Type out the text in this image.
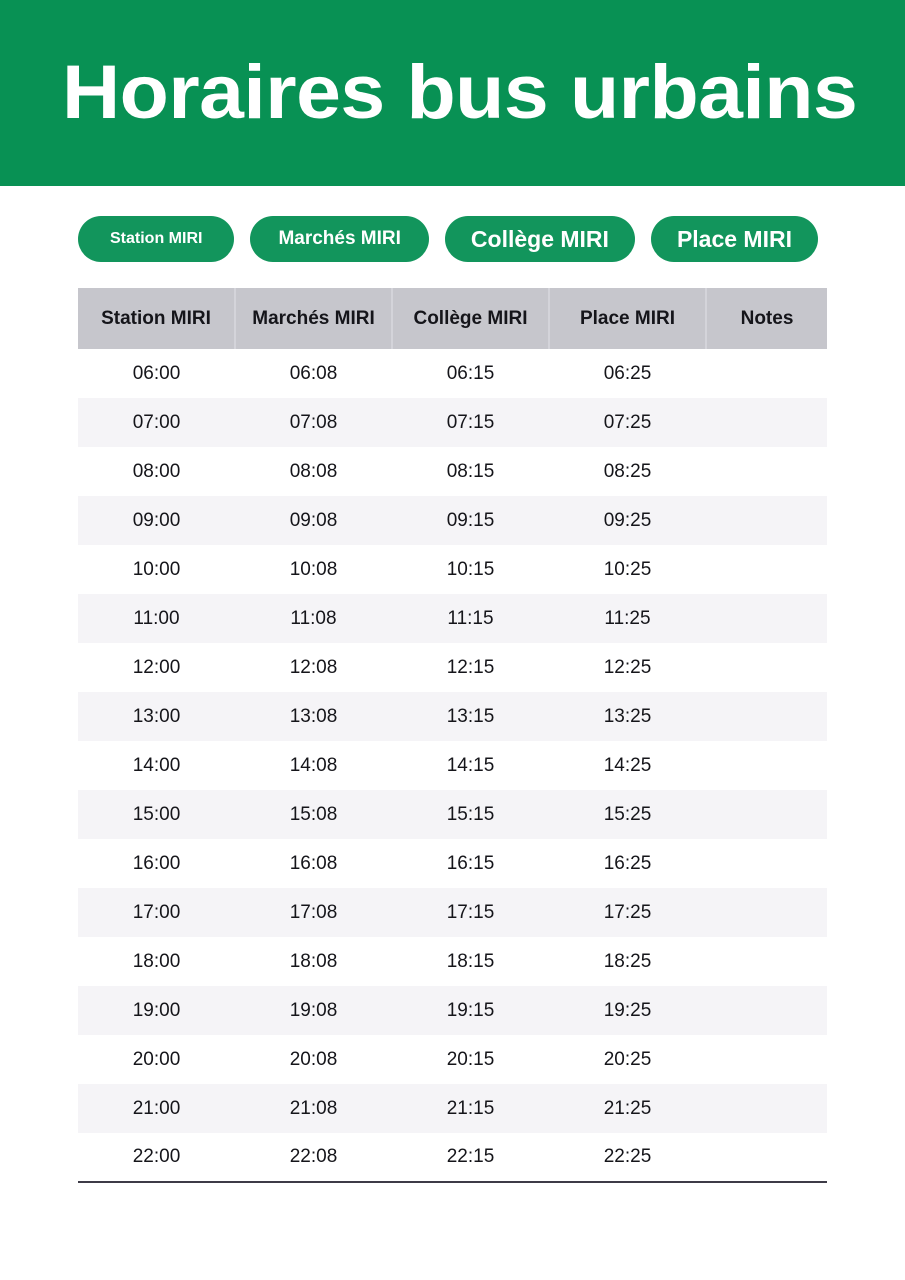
Horaires bus urbains
Station MIRI	Marchés MIRI	Collège MIRI	Place MIRI
Station MIRI	Marchés MIRI	Collège MIRI	Place MIRI	Notes
06:00	06:08	06:15	06:25	
07:00	07:08	07:15	07:25	
08:00	08:08	08:15	08:25	
09:00	09:08	09:15	09:25	
10:00	10:08	10:15	10:25	
11:00	11:08	11:15	11:25	
12:00	12:08	12:15	12:25	
13:00	13:08	13:15	13:25	
14:00	14:08	14:15	14:25	
15:00	15:08	15:15	15:25	
16:00	16:08	16:15	16:25	
17:00	17:08	17:15	17:25	
18:00	18:08	18:15	18:25	
19:00	19:08	19:15	19:25	
20:00	20:08	20:15	20:25	
21:00	21:08	21:15	21:25	
22:00	22:08	22:15	22:25	
